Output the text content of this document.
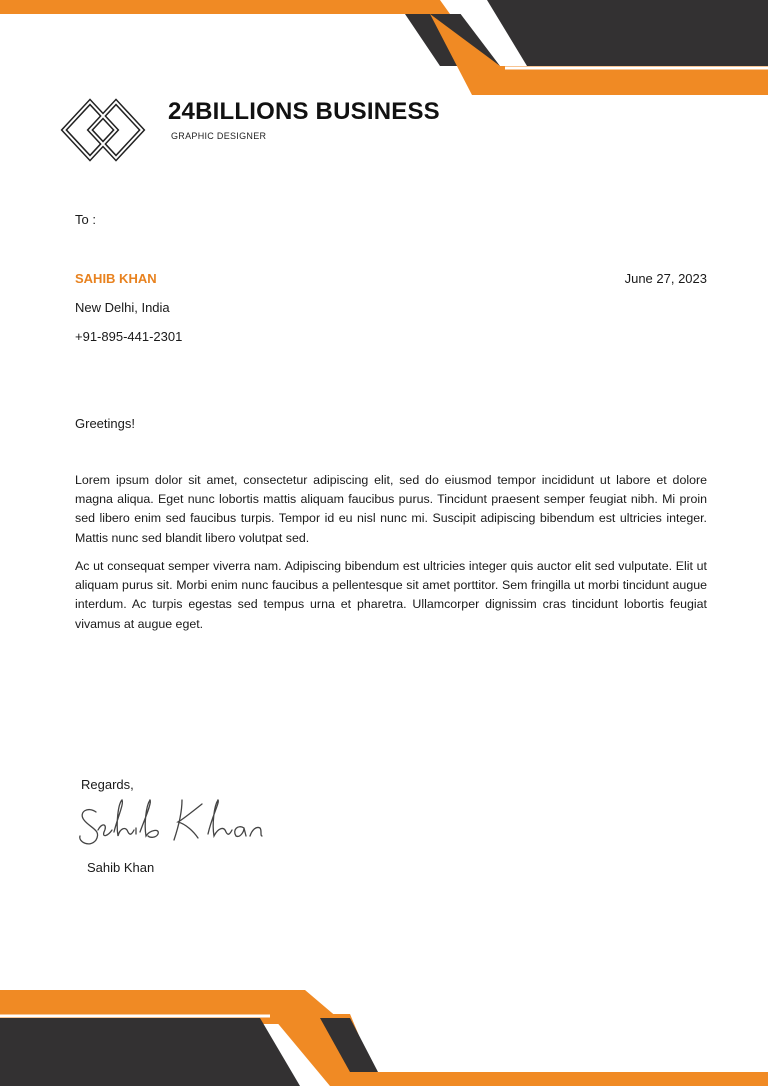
24BILLIONS BUSINESS
GRAPHIC DESIGNER
To :
SAHIB KHAN	June 27, 2023
New Delhi, India
+91-895-441-2301
Greetings!

Lorem ipsum dolor sit amet, consectetur adipiscing elit, sed do eiusmod tempor incididunt ut labore et dolore magna aliqua. Eget nunc lobortis mattis aliquam faucibus purus. Tincidunt praesent semper feugiat nibh. Mi proin sed libero enim sed faucibus turpis. Tempor id eu nisl nunc mi. Suscipit adipiscing bibendum est ultricies integer. Mattis nunc sed blandit libero volutpat sed.

Ac ut consequat semper viverra nam. Adipiscing bibendum est ultricies integer quis auctor elit sed vulputate. Elit ut aliquam purus sit. Morbi enim nunc faucibus a pellentesque sit amet porttitor. Sem fringilla ut morbi tincidunt augue interdum. Ac turpis egestas sed tempus urna et pharetra. Ullamcorper dignissim cras tincidunt lobortis feugiat vivamus at augue eget.

Regards,
Sahib Khan
